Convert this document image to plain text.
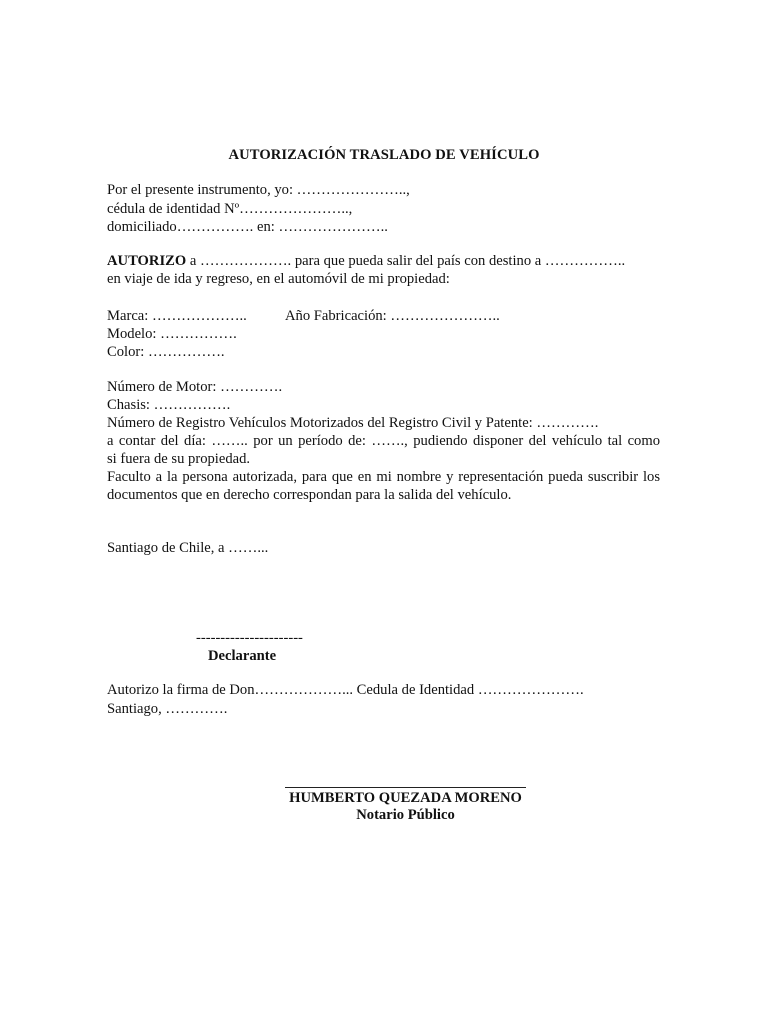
AUTORIZACIÓN TRASLADO DE VEHÍCULO
Por el presente instrumento, yo: …………………..,
cédula de identidad Nº…………………..,
domiciliado……………. en: …………………..
AUTORIZO a ………………. para que pueda salir del país con destino a ……………..
en viaje de ida y regreso, en el automóvil de mi propiedad:
Marca: ………………..	Año Fabricación: …………………..
Modelo: …………….
Color: …………….
Número de Motor: ………….
Chasis: …………….
Número de Registro Vehículos Motorizados del Registro Civil y Patente: ………….
a contar del día: …….. por un período de: ……., pudiendo disponer del vehículo tal como
si fuera de su propiedad.
Faculto a la persona autorizada, para que en mi nombre y representación pueda suscribir los
documentos que en derecho correspondan para la salida del vehículo.
Santiago de Chile, a ……...
----------------------
Declarante
Autorizo la firma de Don………………... Cedula de Identidad ………………….
Santiago, ………….
HUMBERTO QUEZADA MORENO
Notario Público
